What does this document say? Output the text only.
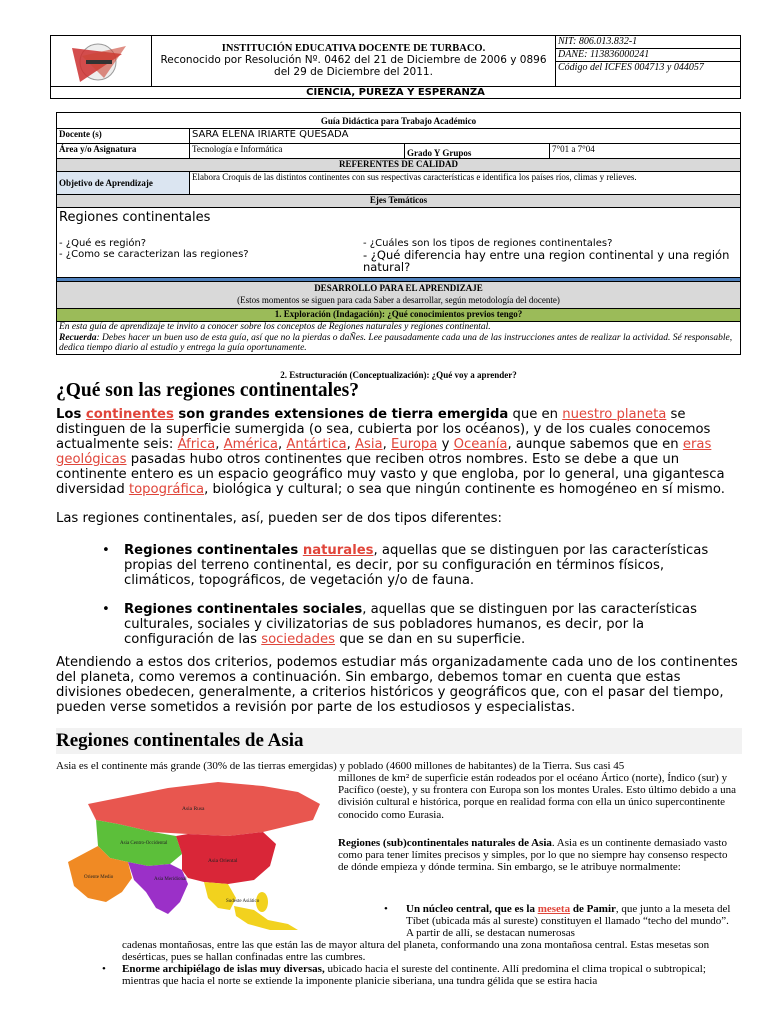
INSTITUCIÓN EDUCATIVA DOCENTE DE TURBACO.
Reconocido por Resolución Nº. 0462 del 21 de Diciembre de 2006 y 0896
del 29 de Diciembre del 2011.
	NIT: 806.013.832-1
DANE: 113836000241
Código del ICFES 004713 y 044057
CIENCIA, PUREZA Y ESPERANZA
Guía Didáctica para Trabajo Académico			
Docente (s)	SARA ELENA IRIARTE QUESADA		
Área y/o Asignatura	Tecnología e Informática	Grado Y Grupos	7°01 a 7°04
REFERENTES DE CALIDAD			
Objetivo de Aprendizaje	Elabora Croquis de las distintos continentes con sus respectivas características e identifica los países ríos, climas y relieves.		
Ejes Temáticos			

Regiones continentales
- ¿Qué es región?
- ¿Como se caracterizan las regiones?
- ¿Cuáles son los tipos de regiones continentales?
- ¿Qué diferencia hay entre una region continental y una región natural?			

DESARROLLO PARA EL APRENDIZAJE
(Estos momentos se siguen para cada Saber a desarrollar, según metodología del docente)			

1. Exploración (Indagación): ¿Qué conocimientos previos tengo?			

En esta guía de aprendizaje te invito a conocer sobre los conceptos de Regiones naturales y regiones continental.
Recuerda: Debes hacer un buen uso de esta guía, así que no la pierdas o daÑes. Lee pausadamente cada una de las instrucciones antes de realizar la actividad. Sé responsable, dedica tiempo diario al estudio y entrega la guía oportunamente.			
2. Estructuración (Conceptualización): ¿Qué voy a aprender?
¿Qué son las regiones continentales?
Los continentes son grandes extensiones de tierra emergida que en nuestro planeta se distinguen de la superficie sumergida (o sea, cubierta por los océanos), y de los cuales conocemos actualmente seis: África, América, Antártica, Asia, Europa y Oceanía, aunque sabemos que en eras geológicas pasadas hubo otros continentes que reciben otros nombres. Esto se debe a que un continente entero es un espacio geográfico muy vasto y que engloba, por lo general, una gigantesca diversidad topográfica, biológica y cultural; o sea que ningún continente es homogéneo en sí mismo.
Las regiones continentales, así, pueden ser de dos tipos diferentes:
• Regiones continentales naturales, aquellas que se distinguen por las características propias del terreno continental, es decir, por su configuración en términos físicos, climáticos, topográficos, de vegetación y/o de fauna.
• Regiones continentales sociales, aquellas que se distinguen por las características culturales, sociales y civilizatorias de sus pobladores humanos, es decir, por la configuración de las sociedades que se dan en su superficie.
Atendiendo a estos dos criterios, podemos estudiar más organizadamente cada uno de los continentes del planeta, como veremos a continuación. Sin embargo, debemos tomar en cuenta que estas divisiones obedecen, generalmente, a criterios históricos y geográficos que, con el pasar del tiempo, pueden verse sometidos a revisión por parte de los estudiosos y especialistas.
Regiones continentales de Asia
Asia es el continente más grande (30% de las tierras emergidas) y poblado (4600 millones de habitantes) de la Tierra. Sus casi 45
millones de km² de superficie están rodeados por el océano Ártico (norte), Índico (sur) y Pacífico (oeste), y su frontera con Europa son los montes Urales. Esto último debido a una división cultural e histórica, porque en realidad forma con ella un único supercontinente conocido como Eurasia.
Regiones (sub)continentales naturales de Asia. Asia es un continente demasiado vasto como para tener límites precisos y simples, por lo que no siempre hay consenso respecto de dónde empieza y dónde termina. Sin embargo, se le atribuye normalmente:
• Un núcleo central, que es la meseta de Pamir, que junto a la meseta del Tíbet (ubicada más al sureste) constituyen el llamado “techo del mundo”. A partir de allí, se destacan numerosas
cadenas montañosas, entre las que están las de mayor altura del planeta, conformando una zona montañosa central. Estas mesetas son desérticas, pues se hallan confinadas entre las cumbres.
• Enorme archipiélago de islas muy diversas, ubicado hacia el sureste del continente. Allí predomina el clima tropical o subtropical; mientras que hacia el norte se extiende la imponente planicie siberiana, una tundra gélida que se estira hacia
Asia Rusa
Asia Centro-Occidental
Asia Oriental
Asia Meridional
Oriente Medio
Sudeste Asiático
